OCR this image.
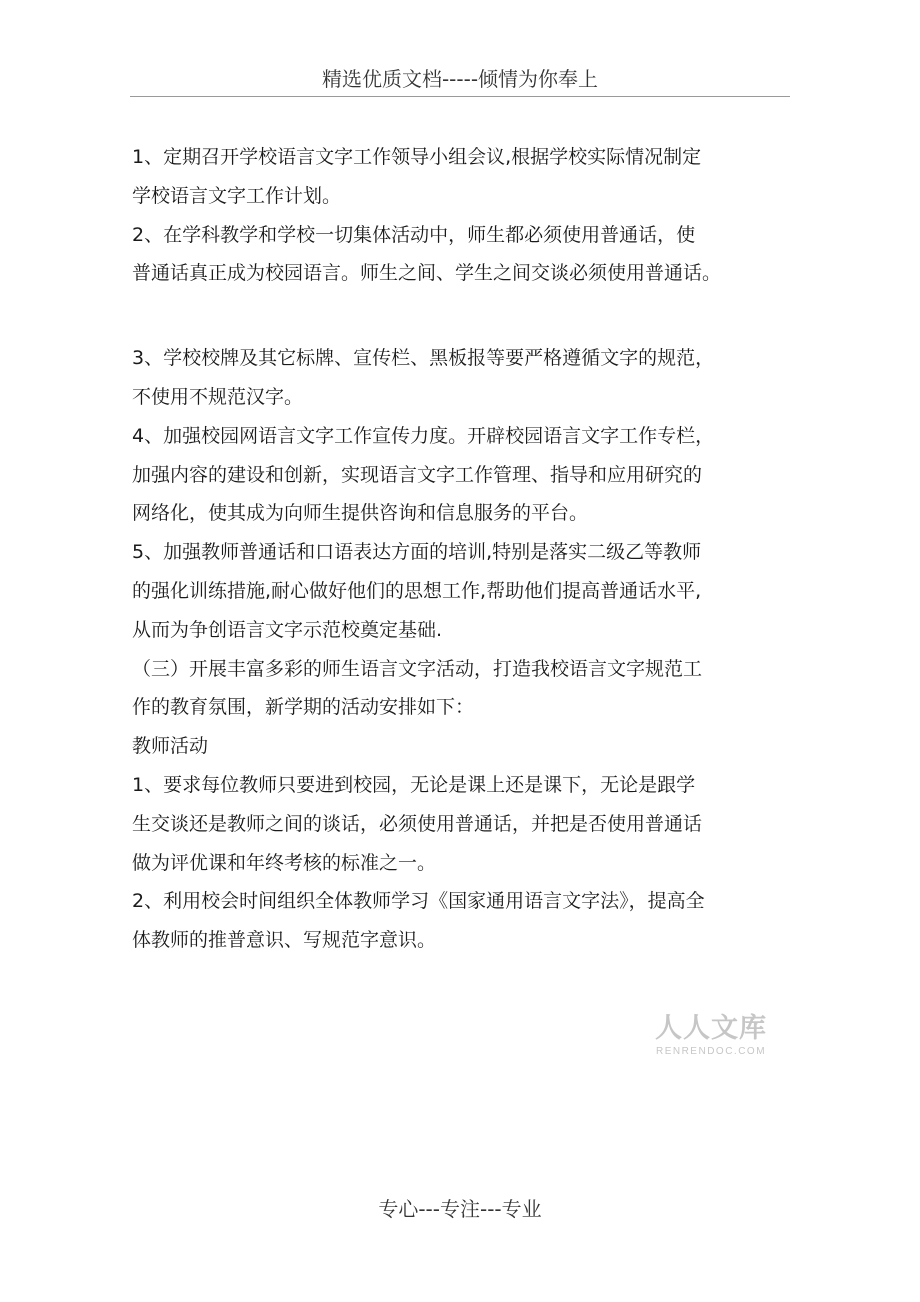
精选优质文档-----倾情为你奉上

1、定期召开学校语言文字工作领导小组会议,根据学校实际情况制定
学校语言文字工作计划。

2、在学科教学和学校一切集体活动中，师生都必须使用普通话，使
普通话真正成为校园语言。师生之间、学生之间交谈必须使用普通话。

3、学校校牌及其它标牌、宣传栏、黑板报等要严格遵循文字的规范，
不使用不规范汉字。

4、加强校园网语言文字工作宣传力度。开辟校园语言文字工作专栏，
加强内容的建设和创新，实现语言文字工作管理、指导和应用研究的
网络化，使其成为向师生提供咨询和信息服务的平台。

5、加强教师普通话和口语表达方面的培训,特别是落实二级乙等教师
的强化训练措施,耐心做好他们的思想工作,帮助他们提高普通话水平,
从而为争创语言文字示范校奠定基础.

（三）开展丰富多彩的师生语言文字活动，打造我校语言文字规范工
作的教育氛围，新学期的活动安排如下：

教师活动

1、要求每位教师只要进到校园，无论是课上还是课下，无论是跟学
生交谈还是教师之间的谈话，必须使用普通话，并把是否使用普通话
做为评优课和年终考核的标准之一。

2、利用校会时间组织全体教师学习《国家通用语言文字法》，提高全
体教师的推普意识、写规范字意识。

人人文库
RENRENDOC.COM
专心---专注---专业
